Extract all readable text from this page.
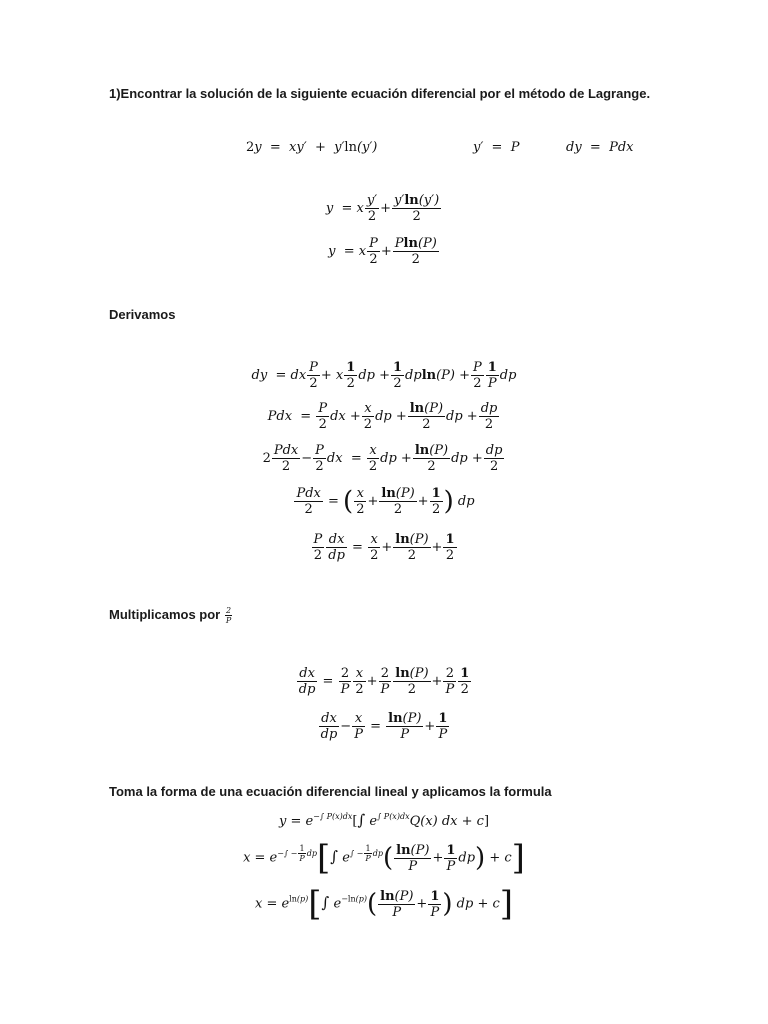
1)Encontrar la solución de la siguiente ecuación diferencial por el método de Lagrange.
Derivamos
Multiplicamos por $\frac{2}{P}$
Toma la forma de una ecuación diferencial lineal y aplicamos la formula
2y  =  xy′  +  y′ln(y′)	y′  =  P	dy  =  Pdx
y  = x $\frac{y'}{2} + \frac{y'\ln(y')}{2}$
y  = x $\frac{P}{2} + \frac{Pln(P)}{2}$
dy  = dx $\frac{P}{2} + x \frac{1}{2}$ dp + $\frac{1}{2} dpln(P) + \frac{P}{2} \frac{1}{P}$ dp
Pdx  = $\frac{P}{2}$ dx + $\frac{x}{2}$ dp + $\frac{\ln(P)}{2}$ dp + $\frac{dp}{2}$
$2 \frac{\text{Pdx}}{2} - \frac{P}{2}$ dx  = $\frac{x}{2}$ dp + $\frac{\ln(P)}{2}$ dp + $\frac{dp}{2}$
$\frac{\text{Pdx}}{2}$ = ( $\frac{x}{2} + \frac{\ln(P)}{2} + \frac{1}{2}$ ) dp
$\frac{P}{2} \frac{dx}{dp} = \frac{x}{2} + \frac{\ln(P)}{2} + \frac{1}{2}$
$\frac{dx}{dp} = \frac{2}{P} \frac{x}{2} + \frac{2}{P} \frac{\ln(P)}{2} + \frac{2}{P} \frac{1}{2}$
$\frac{dx}{dp} - \frac{x}{P} = \frac{\ln(P)}{P} + \frac{1}{P}$
$y = e^{-\int P(x)dx}[\int$ $e^{\int P(x)dx}Q(x)$ dx + c]
$x = e^{-\int - \frac{1}{P} dp}[\int$ $e^{\int - \frac{1}{P} dp}( \frac{\ln(P)}{P} + \frac{1}{P} dp) + c$]
$x = e^{ln(p)}[\int$ $e^{-ln(p)}( \frac{\ln(P)}{P} + \frac{1}{P}$ ) dp + c]
